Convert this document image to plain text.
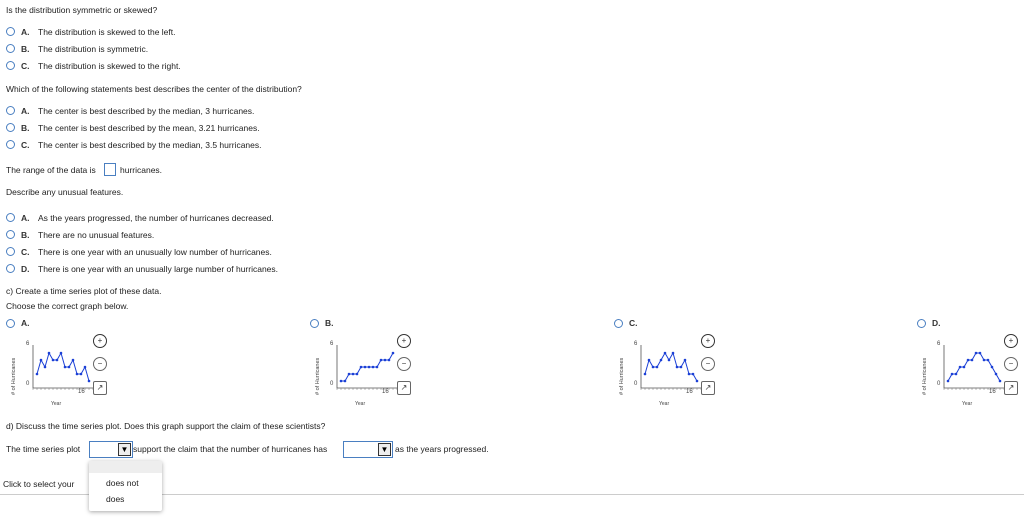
Is the distribution symmetric or skewed?
A. The distribution is skewed to the left.
B. The distribution is symmetric.
C. The distribution is skewed to the right.
Which of the following statements best describes the center of the distribution?
A. The center is best described by the median, 3 hurricanes.
B. The center is best described by the mean, 3.21 hurricanes.
C. The center is best described by the median, 3.5 hurricanes.
The range of the data is	hurricanes.
Describe any unusual features.
A. As the years progressed, the number of hurricanes decreased.
B. There are no unusual features.
C. There is one year with an unusually low number of hurricanes.
D. There is one year with an unusually large number of hurricanes.
c) Create a time series plot of these data.
Choose the correct graph below.
A.
# of Hurricanes
6
0
16
Year
+
−
↗
B.
# of Hurricanes
6
0
16
Year
+
−
↗
C.
# of Hurricanes
6
0
16
Year
+
−
↗
D.
# of Hurricanes
6
0
16
Year
+
−
↗
d) Discuss the time series plot. Does this graph support the claim of these scientists?
The time series plot	▼ support the claim that the number of hurricanes has	▼ as the years progressed.
Click to select your	does not
does
